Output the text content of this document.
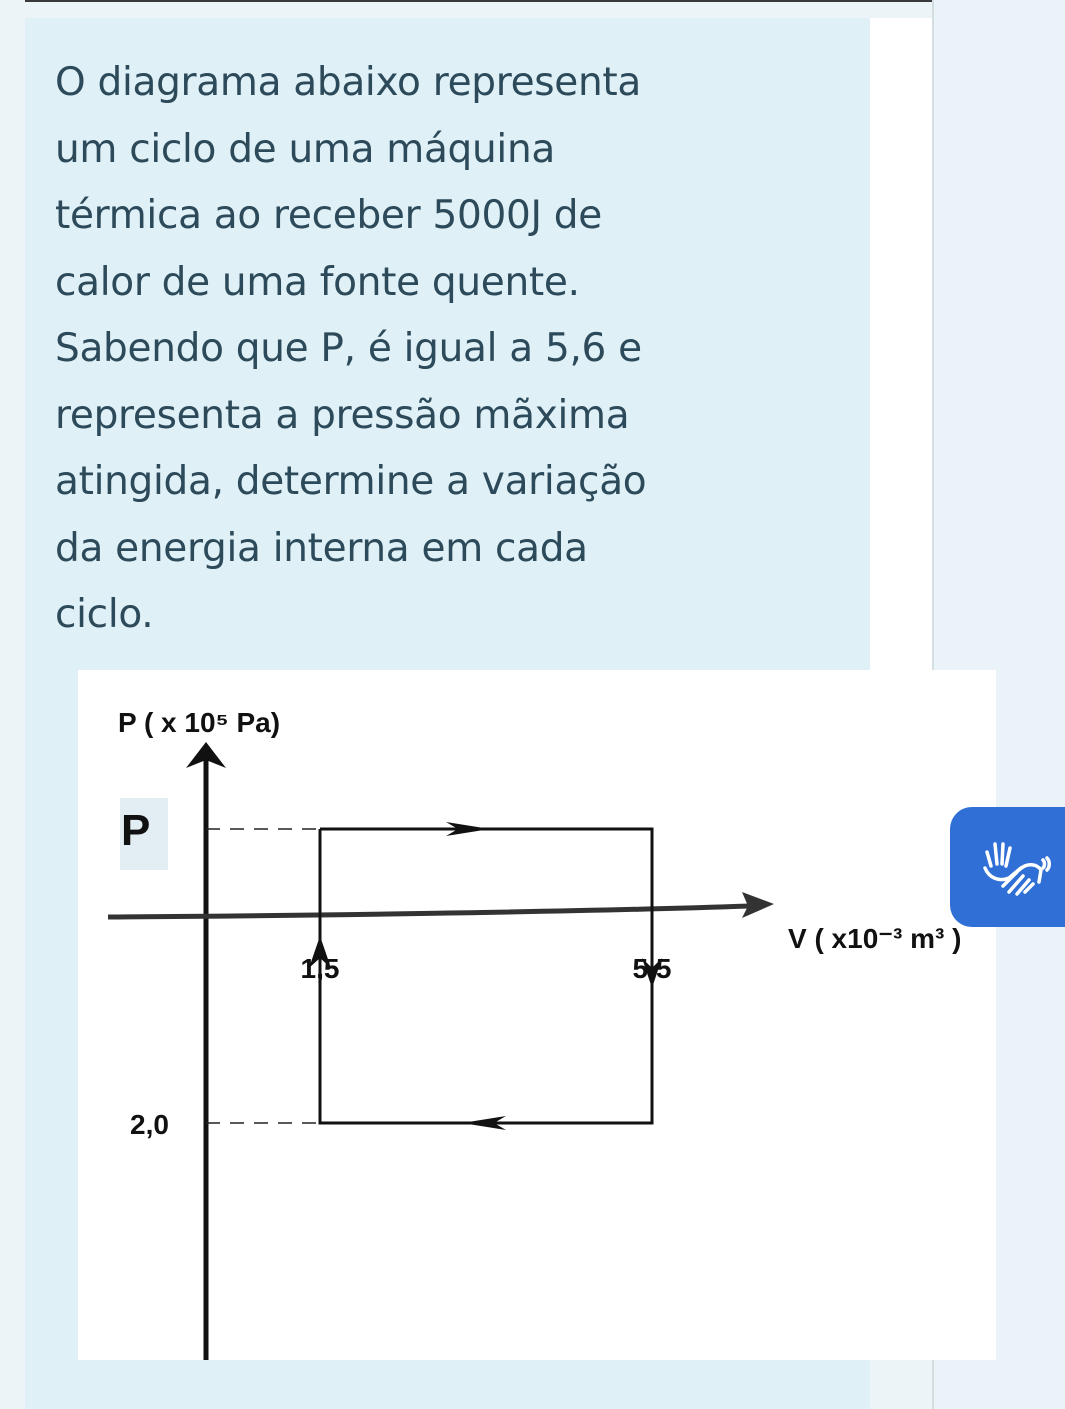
O diagrama abaixo representa
um ciclo de uma máquina
térmica ao receber 5000J de
calor de uma fonte quente.
Sabendo que P, é igual a 5,6 e
representa a pressão mãxima
atingida, determine a variação
da energia interna em cada
ciclo.

P ( x 10⁵ Pa)
P
2,0
1,5	5,5
V ( x10⁻³ m³ )
